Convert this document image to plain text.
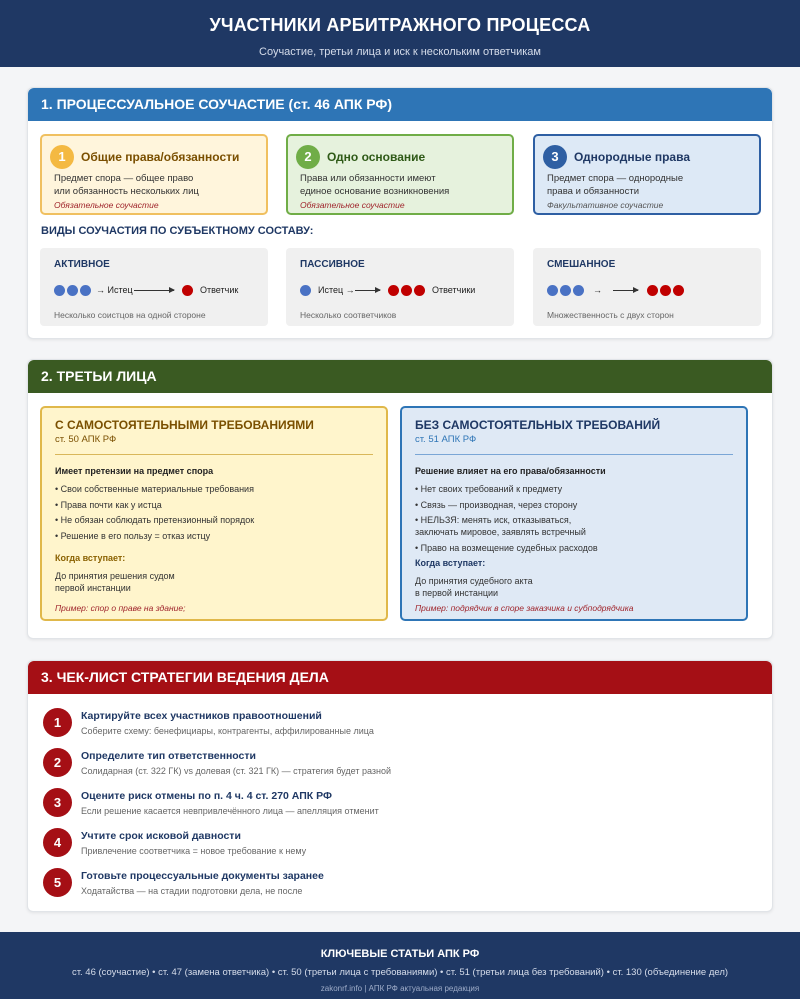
УЧАСТНИКИ АРБИТРАЖНОГО ПРОЦЕССА
Соучастие, третьи лица и иск к нескольким ответчикам
1. ПРОЦЕССУАЛЬНОЕ СОУЧАСТИЕ (ст. 46 АПК РФ)
1	Общие права/обязанности
Предмет спора — общее право
или обязанность нескольких лиц
Обязательное соучастие
2	Одно основание
Права или обязанности имеют
единое основание возникновения
Обязательное соучастие
3	Однородные права
Предмет спора — однородные
права и обязанности
Факультативное соучастие
ВИДЫ СОУЧАСТИЯ ПО СУБЪЕКТНОМУ СОСТАВУ:
АКТИВНОЕ
→ Истец	Ответчик
Несколько соистцов на одной стороне
ПАССИВНОЕ
Истец →	Ответчики
Несколько соответчиков
СМЕШАННОЕ
→
Множественность с двух сторон
2. ТРЕТЬИ ЛИЦА
С САМОСТОЯТЕЛЬНЫМИ ТРЕБОВАНИЯМИ
ст. 50 АПК РФ
Имеет претензии на предмет спора
• Свои собственные материальные требования
• Права почти как у истца
• Не обязан соблюдать претензионный порядок
• Решение в его пользу = отказ истцу
Когда вступает:
До принятия решения судом
первой инстанции
Пример: спор о праве на здание;
БЕЗ САМОСТОЯТЕЛЬНЫХ ТРЕБОВАНИЙ
ст. 51 АПК РФ
Решение влияет на его права/обязанности
• Нет своих требований к предмету
• Связь — производная, через сторону
• НЕЛЬЗЯ: менять иск, отказываться,
заключать мировое, заявлять встречный
• Право на возмещение судебных расходов
Когда вступает:
До принятия судебного акта
в первой инстанции
Пример: подрядчик в споре заказчика и субподрядчика
3. ЧЕК-ЛИСТ СТРАТЕГИИ ВЕДЕНИЯ ДЕЛА
1	Картируйте всех участников правоотношений
Соберите схему: бенефициары, контрагенты, аффилированные лица
2	Определите тип ответственности
Солидарная (ст. 322 ГК) vs долевая (ст. 321 ГК) — стратегия будет разной
3	Оцените риск отмены по п. 4 ч. 4 ст. 270 АПК РФ
Если решение касается невпривлечённого лица — апелляция отменит
4	Учтите срок исковой давности
Привлечение соответчика = новое требование к нему
5	Готовьте процессуальные документы заранее
Ходатайства — на стадии подготовки дела, не после
КЛЮЧЕВЫЕ СТАТЬИ АПК РФ
ст. 46 (соучастие) • ст. 47 (замена ответчика) • ст. 50 (третьи лица с требованиями) • ст. 51 (третьи лица без требований) • ст. 130 (объединение дел)
zakonrf.info | АПК РФ актуальная редакция
